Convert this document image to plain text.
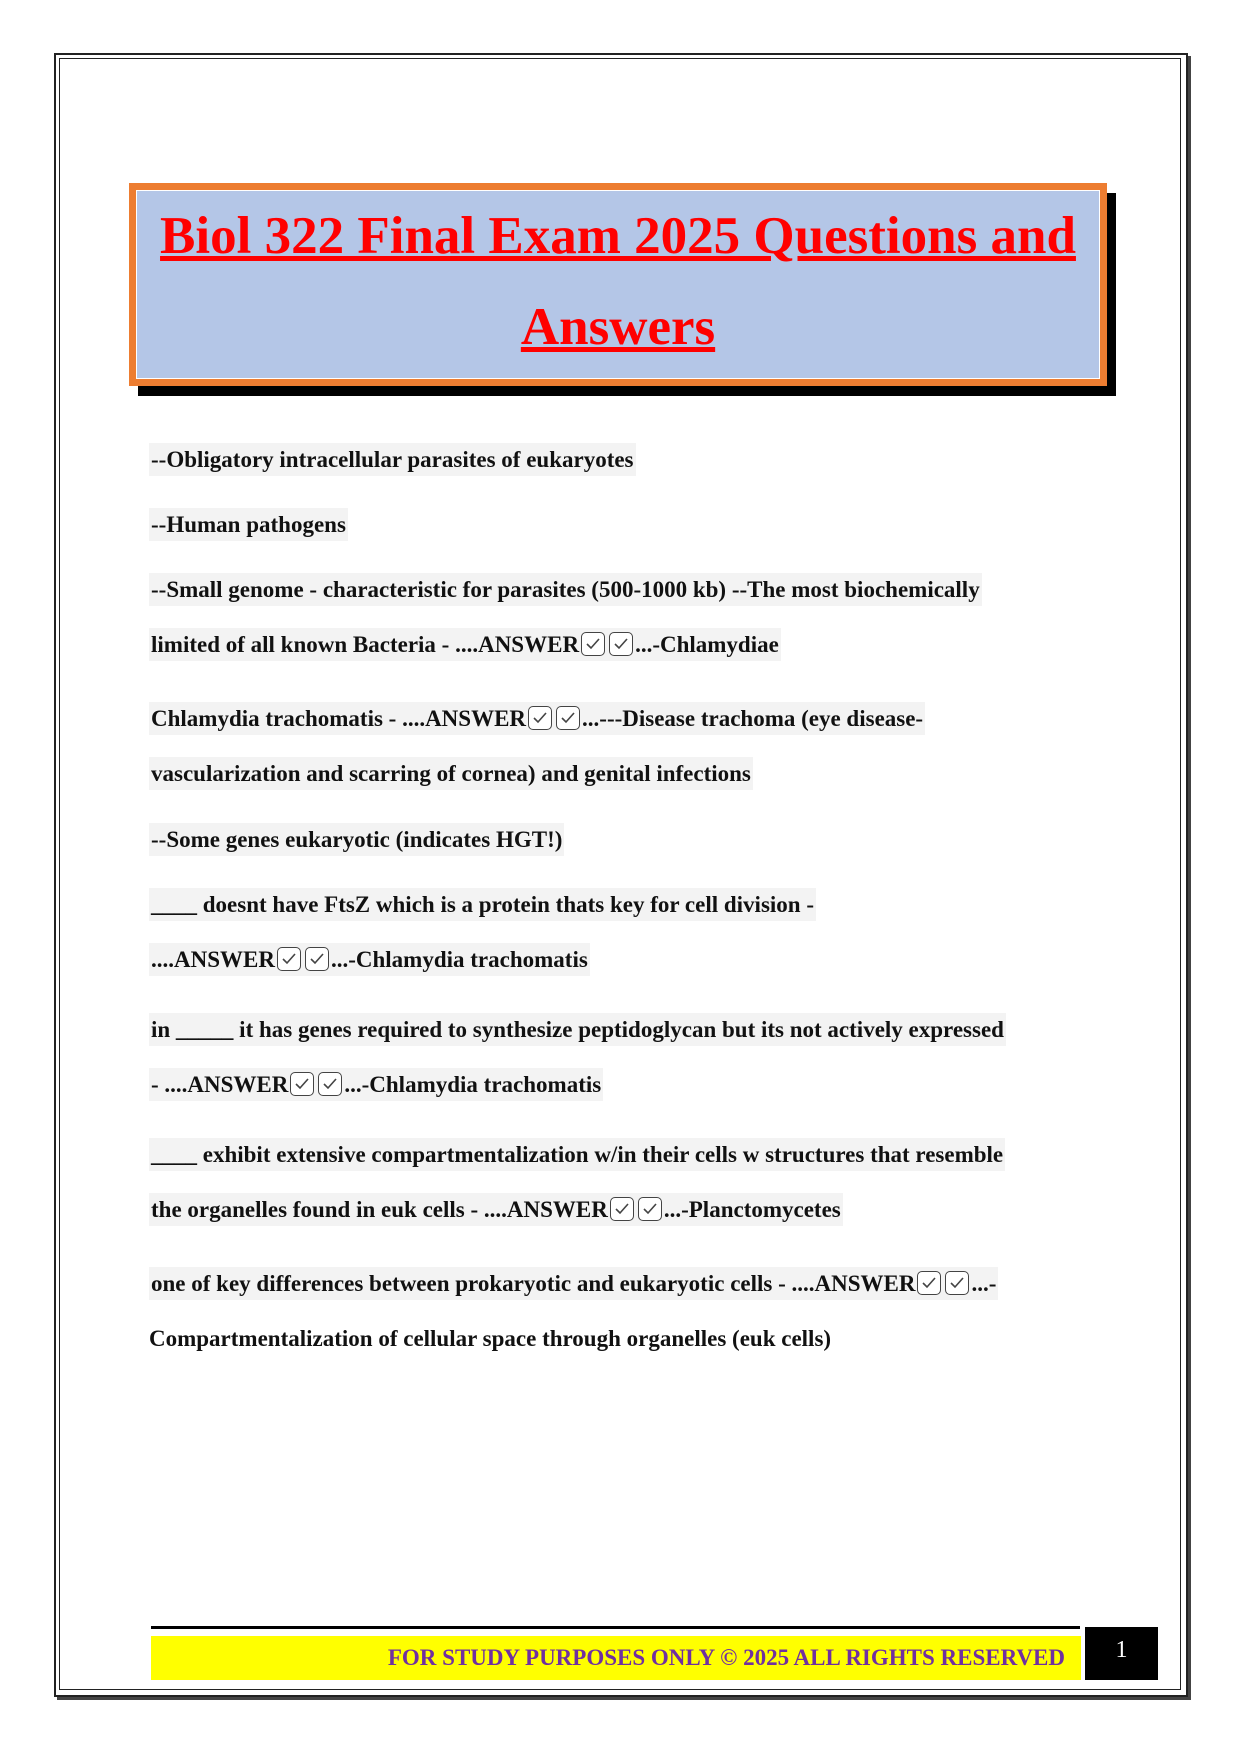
Biol 322 Final Exam 2025 Questions and
Answers
--Obligatory intracellular parasites of eukaryotes
--Human pathogens
--Small genome - characteristic for parasites (500-1000 kb) --The most biochemically
limited of all known Bacteria - ....ANSWER ...-Chlamydiae
Chlamydia trachomatis - ....ANSWER ...---Disease trachoma (eye disease-
vascularization and scarring of cornea) and genital infections
--Some genes eukaryotic (indicates HGT!)
____ doesnt have FtsZ which is a protein thats key for cell division -
....ANSWER ...-Chlamydia trachomatis
in _____ it has genes required to synthesize peptidoglycan but its not actively expressed
- ....ANSWER ...-Chlamydia trachomatis
____ exhibit extensive compartmentalization w/in their cells w structures that resemble
the organelles found in euk cells - ....ANSWER ...-Planctomycetes
one of key differences between prokaryotic and eukaryotic cells - ....ANSWER ...-
Compartmentalization of cellular space through organelles (euk cells)
FOR STUDY PURPOSES ONLY © 2025 ALL RIGHTS RESERVED	1
